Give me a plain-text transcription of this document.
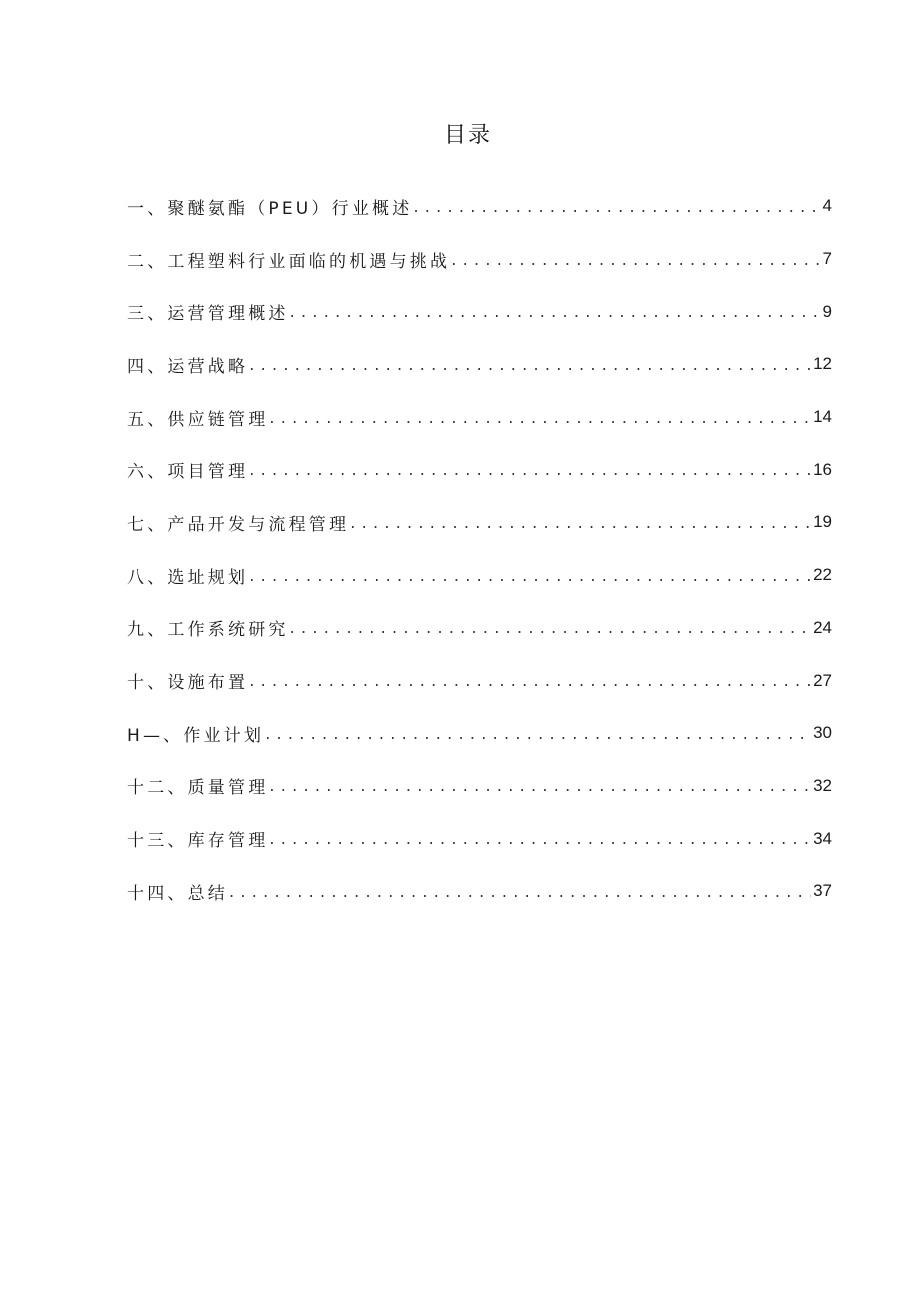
目录
一、聚醚氨酯（PEU）行业概述 . . .	4
二、工程塑料行业面临的机遇与挑战 . . .	7
三、运营管理概述 . . .	9
四、运营战略 . . .	12
五、供应链管理 . . .	14
六、项目管理 . . .	16
七、产品开发与流程管理 . . .	19
八、选址规划 . . .	22
九、工作系统研究 . . .	24
十、设施布置 . . .	27
H—、作业计划 . . .	30
十二、质量管理 . . .	32
十三、库存管理 . . .	34
十四、总结 . . .	37
